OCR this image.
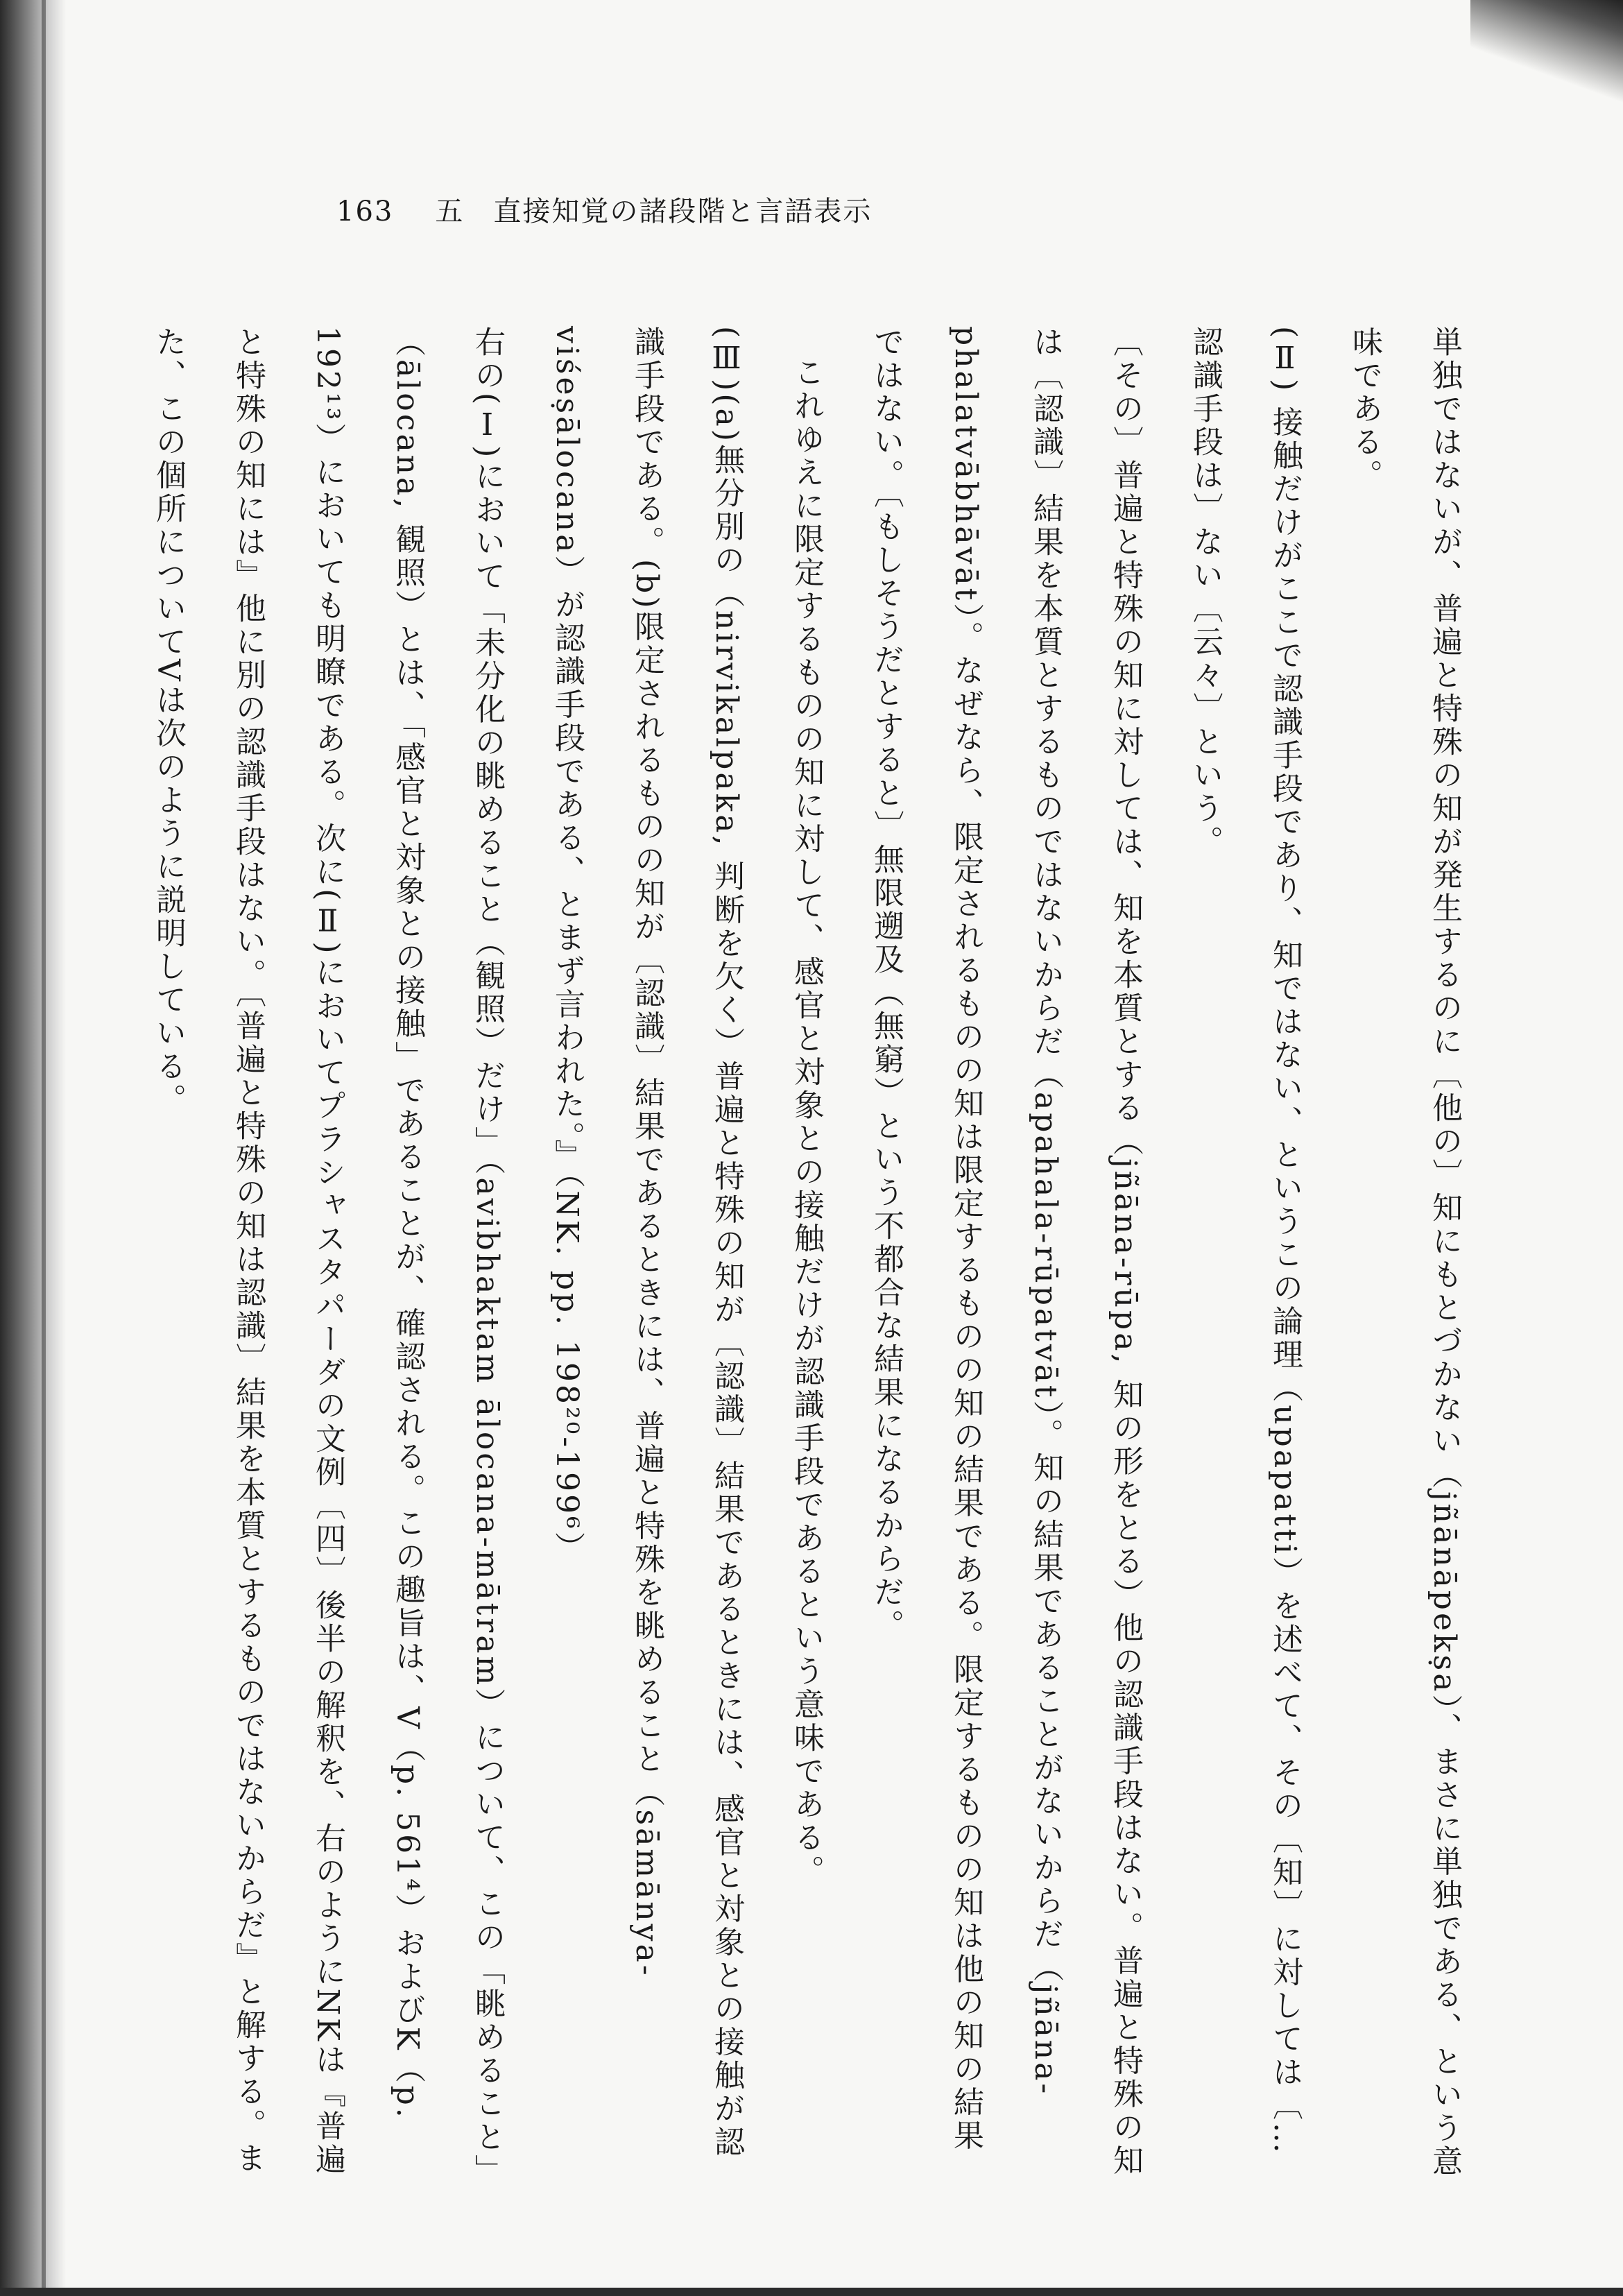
163 五　直接知覚の諸段階と言語表示
単独ではないが、普遍と特殊の知が発生するのに〔他の〕知にもとづかない（jñānāpekṣa）、まさに単独である、という意味である。
(Ⅱ) 接触だけがここで認識手段であり、知ではない、というこの論理（upapatti）を述べて、その〔知〕に対しては〔…認識手段は〕ない〔云々〕という。
〔その〕普遍と特殊の知に対しては、知を本質とする（jñāna-rūpa, 知の形をとる）他の認識手段はない。普遍と特殊の知は〔認識〕結果を本質とするものではないからだ（apahala-rūpatvāt）。知の結果であることがないからだ（jñāna-phalatvābhāvāt）。なぜなら、限定されるものの知は限定するものの知の結果である。限定するものの知は他の知の結果ではない。〔もしそうだとすると〕無限遡及（無窮）という不都合な結果になるからだ。
これゆえに限定するものの知に対して、感官と対象との接触だけが認識手段であるという意味である。
(Ⅲ)(a)無分別の（nirvikalpaka, 判断を欠く）普遍と特殊の知が〔認識〕結果であるときには、感官と対象との接触が認識手段である。(b)限定されるものの知が〔認識〕結果であるときには、普遍と特殊を眺めること（sāmānya-viśeṣālocana）が認識手段である、とまず言われた。』（NK. pp. 198²⁰-199⁶）
右の(Ⅰ)において「未分化の眺めること（観照）だけ」（avibhaktam ālocana-mātram）について、この「眺めること」（ālocana, 観照）とは、「感官と対象との接触」であることが、確認される。この趣旨は、V（p. 561⁴）およびK（p. 192¹³）においても明瞭である。次に(Ⅱ)においてプラシャスタパーダの文例〔四〕後半の解釈を、右のようにNKは『普遍と特殊の知には』他に別の認識手段はない。〔普遍と特殊の知は認識〕結果を本質とするものではないからだ』と解する。また、この個所についてVは次のように説明している。
